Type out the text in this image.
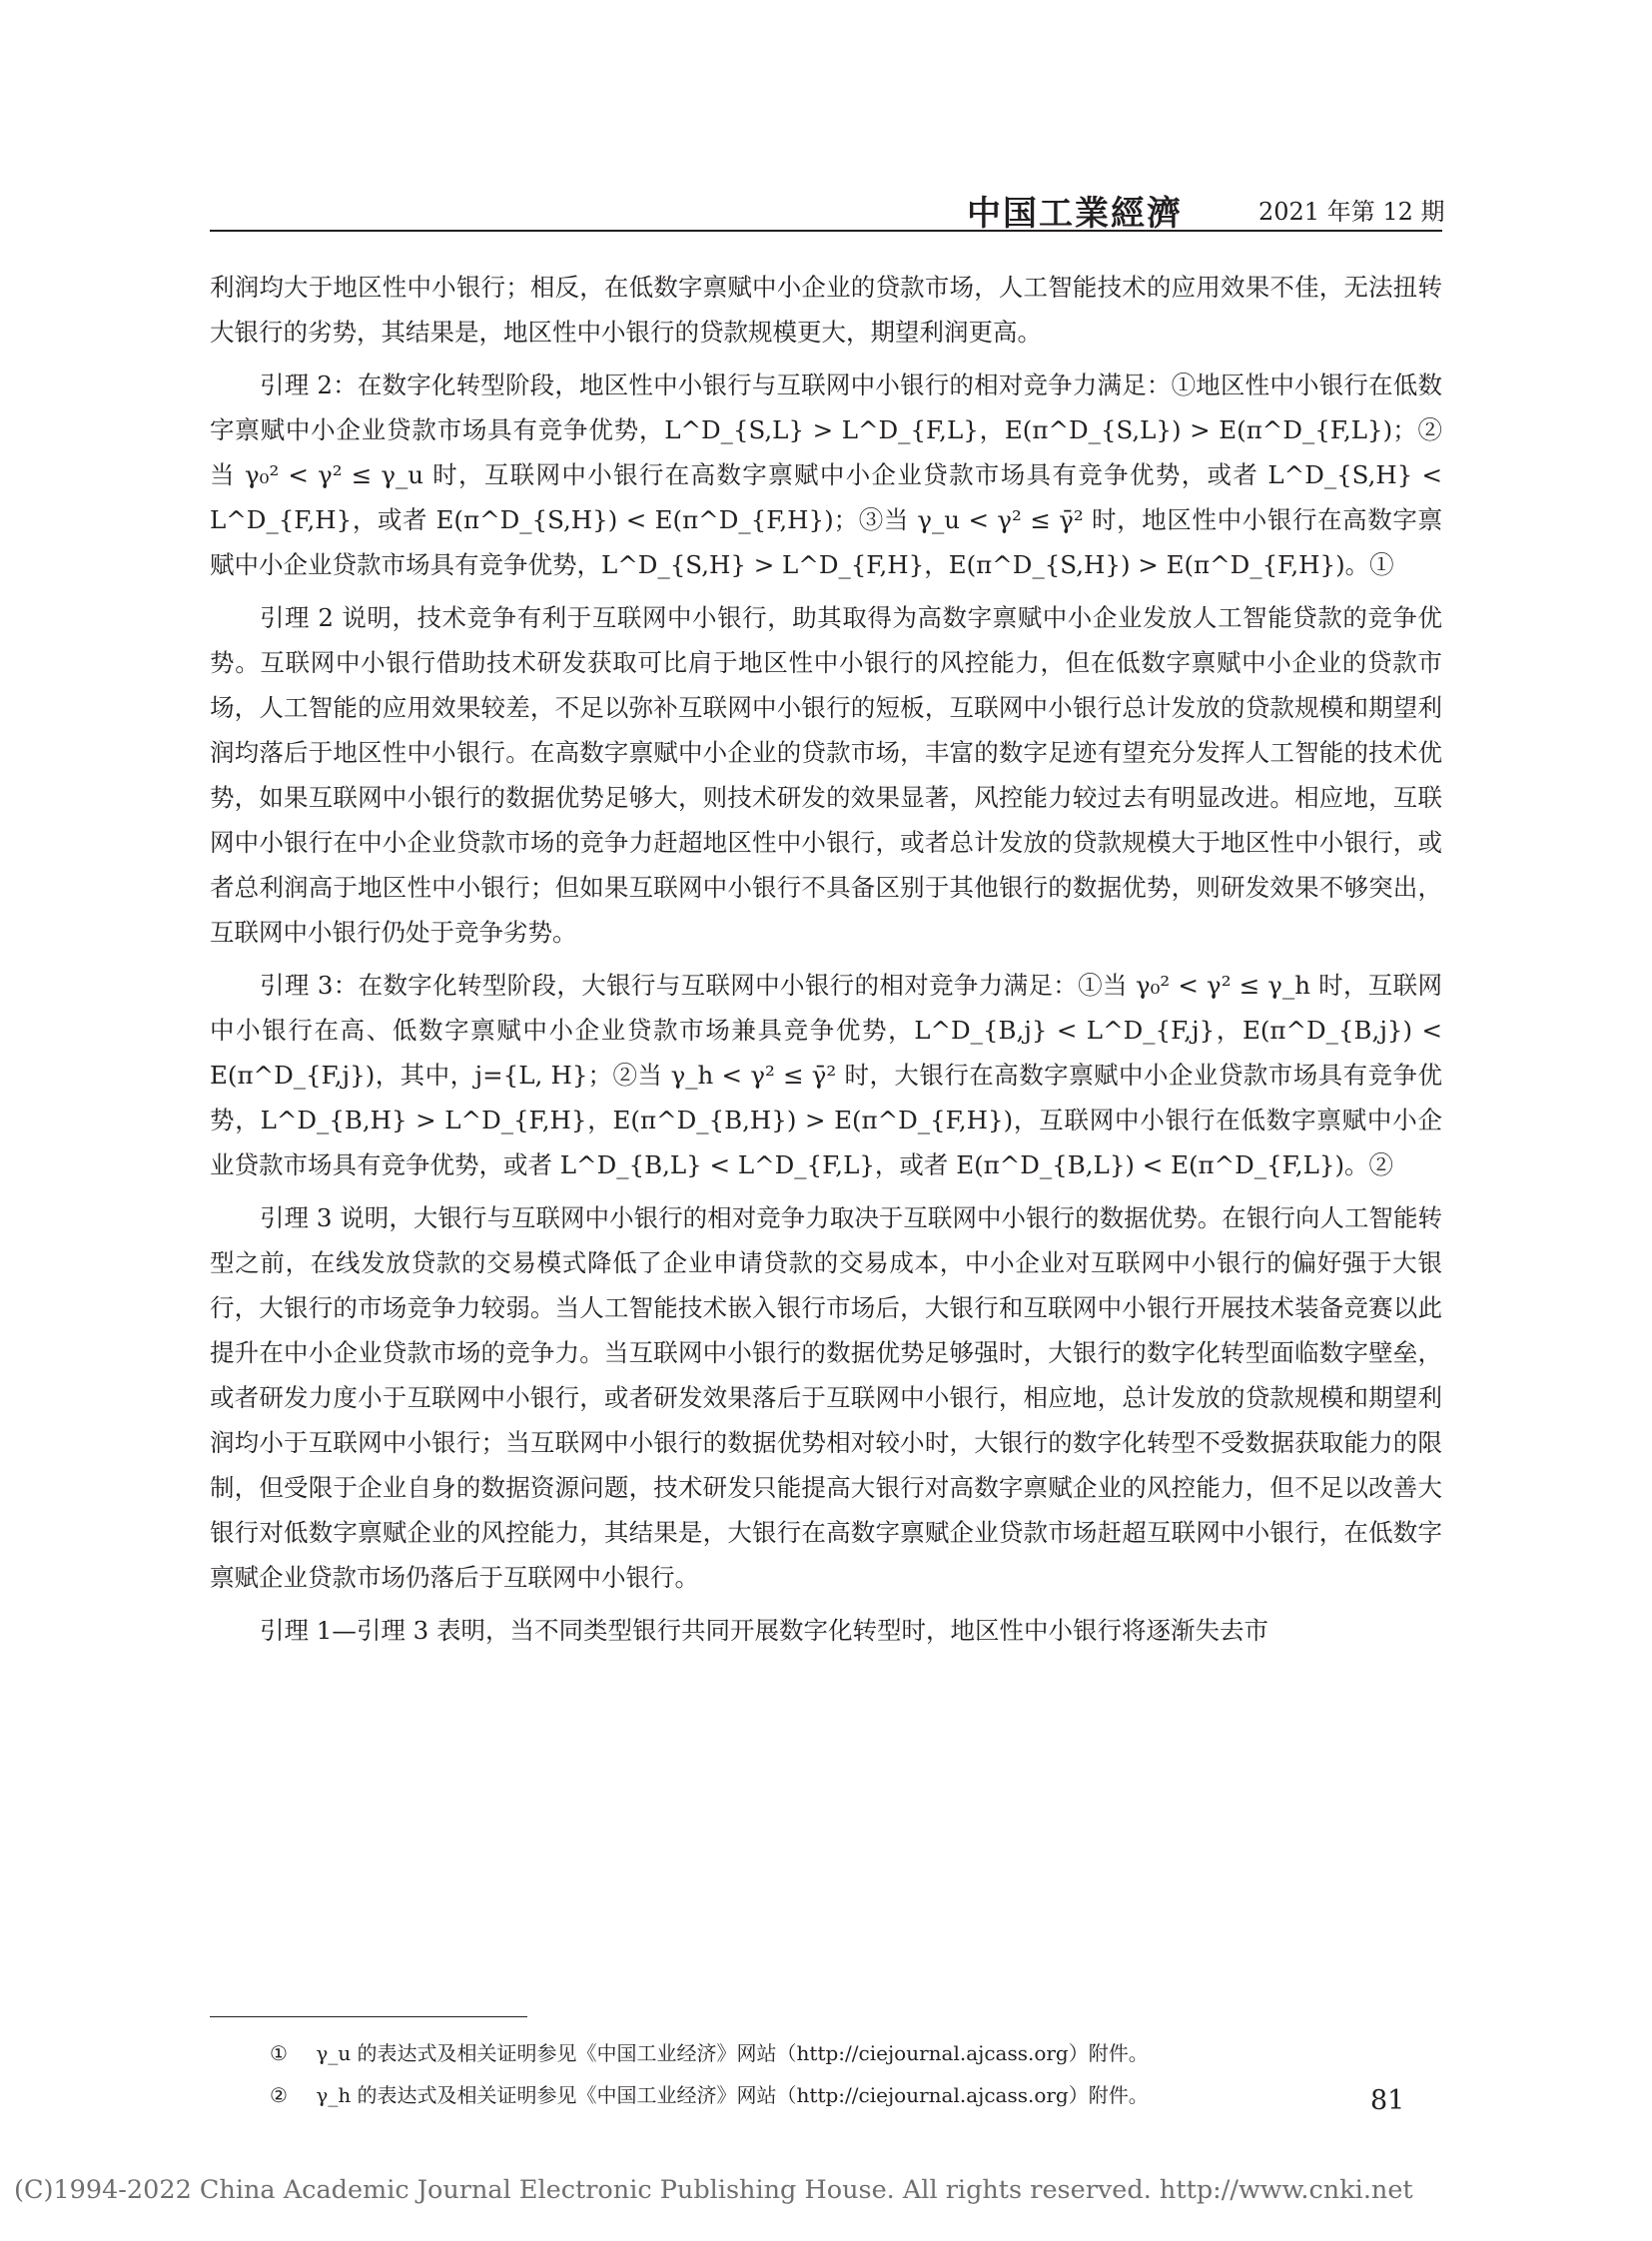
中国工業經濟	2021 年第 12 期

利润均大于地区性中小银行；相反，在低数字禀赋中小企业的贷款市场，人工智能技术的应用效果不佳，无法扭转大银行的劣势，其结果是，地区性中小银行的贷款规模更大，期望利润更高。

引理 2：在数字化转型阶段，地区性中小银行与互联网中小银行的相对竞争力满足：①地区性中小银行在低数字禀赋中小企业贷款市场具有竞争优势，L^D_{S,L} > L^D_{F,L}，E(π^D_{S,L}) > E(π^D_{F,L})；②当 γ₀² < γ² ≤ γ_u 时，互联网中小银行在高数字禀赋中小企业贷款市场具有竞争优势，或者 L^D_{S,H} < L^D_{F,H}，或者 E(π^D_{S,H}) < E(π^D_{F,H})；③当 γ_u < γ² ≤ γ̄² 时，地区性中小银行在高数字禀赋中小企业贷款市场具有竞争优势，L^D_{S,H} > L^D_{F,H}，E(π^D_{S,H}) > E(π^D_{F,H})。①

引理 2 说明，技术竞争有利于互联网中小银行，助其取得为高数字禀赋中小企业发放人工智能贷款的竞争优势。互联网中小银行借助技术研发获取可比肩于地区性中小银行的风控能力，但在低数字禀赋中小企业的贷款市场，人工智能的应用效果较差，不足以弥补互联网中小银行的短板，互联网中小银行总计发放的贷款规模和期望利润均落后于地区性中小银行。在高数字禀赋中小企业的贷款市场，丰富的数字足迹有望充分发挥人工智能的技术优势，如果互联网中小银行的数据优势足够大，则技术研发的效果显著，风控能力较过去有明显改进。相应地，互联网中小银行在中小企业贷款市场的竞争力赶超地区性中小银行，或者总计发放的贷款规模大于地区性中小银行，或者总利润高于地区性中小银行；但如果互联网中小银行不具备区别于其他银行的数据优势，则研发效果不够突出，互联网中小银行仍处于竞争劣势。

引理 3：在数字化转型阶段，大银行与互联网中小银行的相对竞争力满足：①当 γ₀² < γ² ≤ γ_h 时，互联网中小银行在高、低数字禀赋中小企业贷款市场兼具竞争优势，L^D_{B,j} < L^D_{F,j}，E(π^D_{B,j}) < E(π^D_{F,j})，其中，j={L, H}；②当 γ_h < γ² ≤ γ̄² 时，大银行在高数字禀赋中小企业贷款市场具有竞争优势，L^D_{B,H} > L^D_{F,H}，E(π^D_{B,H}) > E(π^D_{F,H})，互联网中小银行在低数字禀赋中小企业贷款市场具有竞争优势，或者 L^D_{B,L} < L^D_{F,L}，或者 E(π^D_{B,L}) < E(π^D_{F,L})。②

引理 3 说明，大银行与互联网中小银行的相对竞争力取决于互联网中小银行的数据优势。在银行向人工智能转型之前，在线发放贷款的交易模式降低了企业申请贷款的交易成本，中小企业对互联网中小银行的偏好强于大银行，大银行的市场竞争力较弱。当人工智能技术嵌入银行市场后，大银行和互联网中小银行开展技术装备竞赛以此提升在中小企业贷款市场的竞争力。当互联网中小银行的数据优势足够强时，大银行的数字化转型面临数字壁垒，或者研发力度小于互联网中小银行，或者研发效果落后于互联网中小银行，相应地，总计发放的贷款规模和期望利润均小于互联网中小银行；当互联网中小银行的数据优势相对较小时，大银行的数字化转型不受数据获取能力的限制，但受限于企业自身的数据资源问题，技术研发只能提高大银行对高数字禀赋企业的风控能力，但不足以改善大银行对低数字禀赋企业的风控能力，其结果是，大银行在高数字禀赋企业贷款市场赶超互联网中小银行，在低数字禀赋企业贷款市场仍落后于互联网中小银行。

引理 1—引理 3 表明，当不同类型银行共同开展数字化转型时，地区性中小银行将逐渐失去市

① γ_u 的表达式及相关证明参见《中国工业经济》网站（http://ciejournal.ajcass.org）附件。
② γ_h 的表达式及相关证明参见《中国工业经济》网站（http://ciejournal.ajcass.org）附件。	81
(C)1994-2022 China Academic Journal Electronic Publishing House. All rights reserved. http://www.cnki.net
